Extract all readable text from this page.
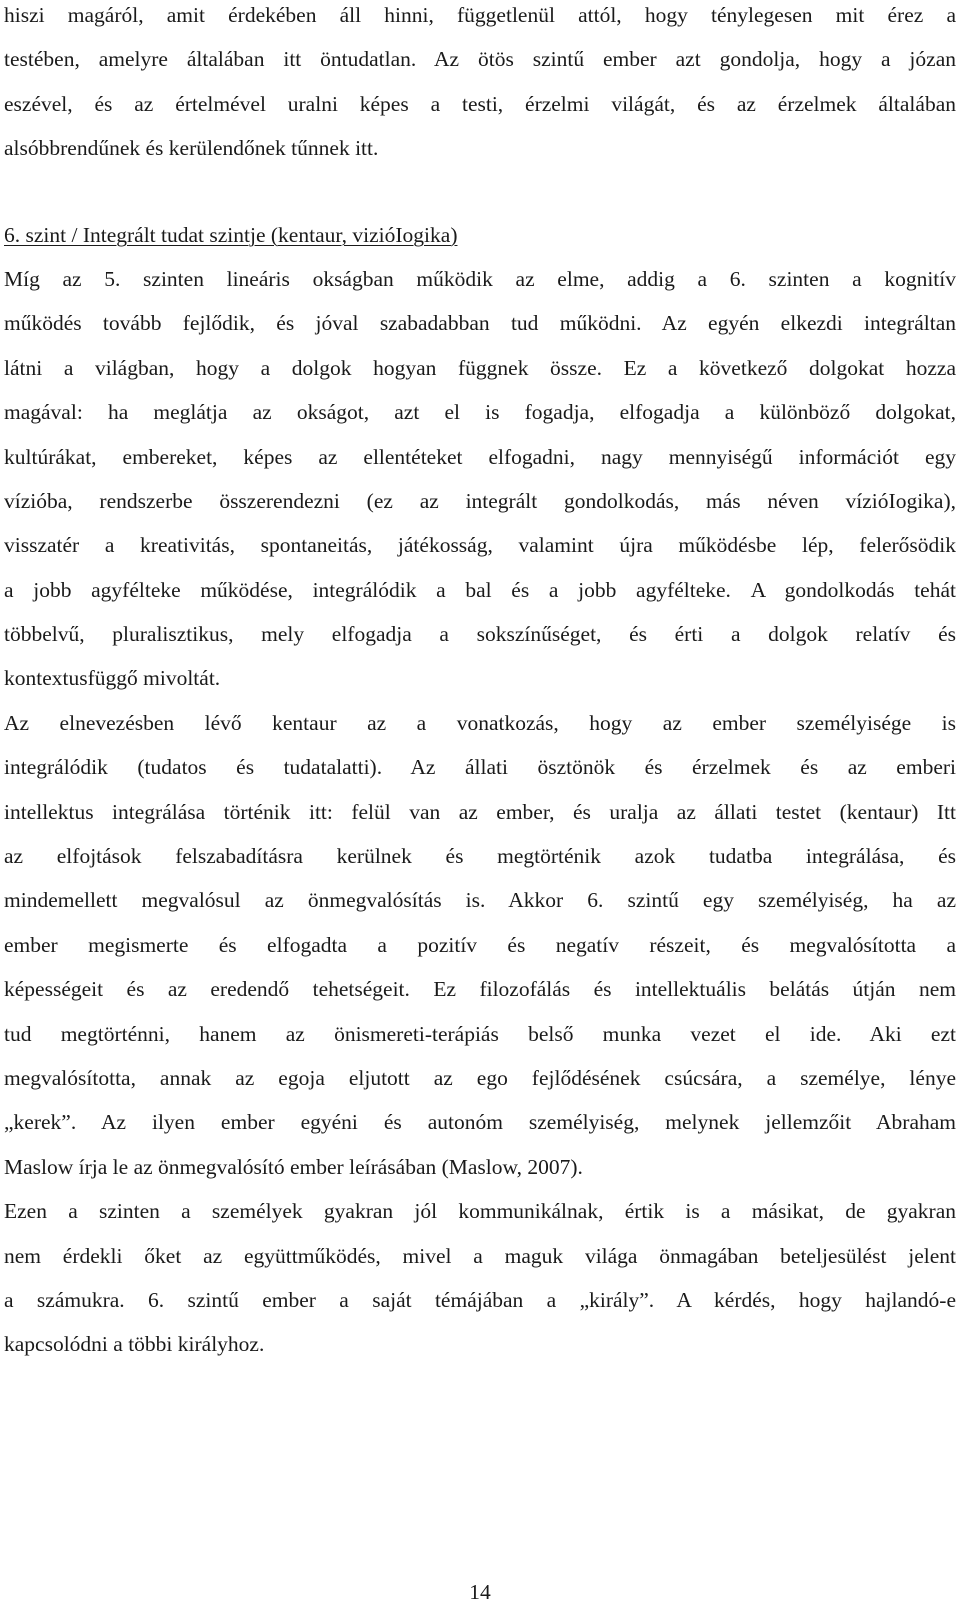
hiszi magáról, amit érdekében áll hinni, függetlenül attól, hogy ténylegesen mit érez a
testében, amelyre általában itt öntudatlan. Az ötös szintű ember azt gondolja, hogy a józan
eszével, és az értelmével uralni képes a testi, érzelmi világát, és az érzelmek általában
alsóbbrendűnek és kerülendőnek tűnnek itt.
6. szint / Integrált tudat szintje (kentaur, vizióIogika)
Míg az 5. szinten lineáris okságban működik az elme, addig a 6. szinten a kognitív
működés tovább fejlődik, és jóval szabadabban tud működni. Az egyén elkezdi integráltan
látni a világban, hogy a dolgok hogyan függnek össze. Ez a következő dolgokat hozza
magával: ha meglátja az okságot, azt el is fogadja, elfogadja a különböző dolgokat,
kultúrákat, embereket, képes az ellentéteket elfogadni, nagy mennyiségű információt egy
vízióba, rendszerbe összerendezni (ez az integrált gondolkodás, más néven vízióIogika),
visszatér a kreativitás, spontaneitás, játékosság, valamint újra működésbe lép, felerősödik
a jobb agyféltekе működése, integrálódik a bal és a jobb agyféltekе. A gondolkodás tehát
többelvű, pluralisztikus, mely elfogadja a sokszínűséget, és érti a dolgok relatív és
kontextusfüggő mivoltát.
Az elnevezésben lévő kentaur az a vonatkozás, hogy az ember személyisége is
integrálódik (tudatos és tudatalatti). Az állati ösztönök és érzelmek és az emberi
intellektus integrálása történik itt: felül van az ember, és uralja az állati testet (kentaur) Itt
az elfojtások felszabadításra kerülnek és megtörténik azok tudatba integrálása, és
mindemellett megvalósul az önmegvalósítás is. Akkor 6. szintű egy személyiség, ha az
ember megismerte és elfogadta a pozitív és negatív részeit, és megvalósította a
képességeit és az eredendő tehetségeit. Ez filozofálás és intellektuális belátás útján nem
tud megtörténni, hanem az önismereti-terápiás belső munka vezet el ide. Aki ezt
megvalósította, annak az egoja eljutott az ego fejlődésének csúcsára, a személye, lénye
„kerek”. Az ilyen ember egyéni és autonóm személyiség, melynek jellemzőit Abraham
Maslow írja le az önmegvalósító ember leírásában (Maslow, 2007).
Ezen a szinten a személyek gyakran jól kommunikálnak, értik is a másikat, de gyakran
nem érdekli őket az együttműködés, mivel a maguk világa önmagában beteljesülést jelent
a számukra. 6. szintű ember a saját témájában a „király”. A kérdés, hogy hajlandó-e
kapcsolódni a többi királyhoz.
14
